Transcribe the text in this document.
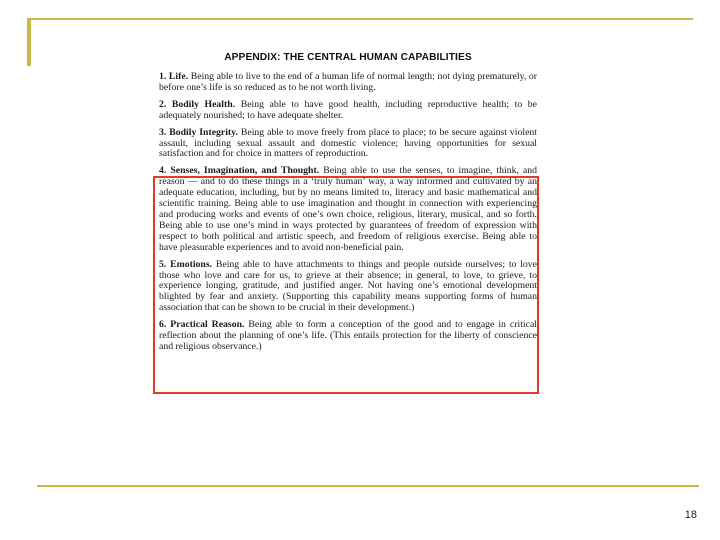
APPENDIX: THE CENTRAL HUMAN CAPABILITIES

1. Life. Being able to live to the end of a human life of normal length; not dying prematurely, or before one’s life is so reduced as to be not worth living.

2. Bodily Health. Being able to have good health, including reproductive health; to be adequately nourished; to have adequate shelter.

3. Bodily Integrity. Being able to move freely from place to place; to be secure against violent assault, including sexual assault and domestic violence; having opportunities for sexual satisfaction and for choice in matters of reproduction.

4. Senses, Imagination, and Thought. Being able to use the senses, to imagine, think, and reason — and to do these things in a ‘truly human’ way, a way informed and cultivated by an adequate education, including, but by no means limited to, literacy and basic mathematical and scientific training. Being able to use imagination and thought in connection with experiencing and producing works and events of one’s own choice, religious, literary, musical, and so forth. Being able to use one’s mind in ways protected by guarantees of freedom of expression with respect to both political and artistic speech, and freedom of religious exercise. Being able to have pleasurable experiences and to avoid non-beneficial pain.

5. Emotions. Being able to have attachments to things and people outside ourselves; to love those who love and care for us, to grieve at their absence; in general, to love, to grieve, to experience longing, gratitude, and justified anger. Not having one’s emotional development blighted by fear and anxiety. (Supporting this capability means supporting forms of human association that can be shown to be crucial in their development.)

6. Practical Reason. Being able to form a conception of the good and to engage in critical reflection about the planning of one’s life. (This entails protection for the liberty of conscience and religious observance.)

18
